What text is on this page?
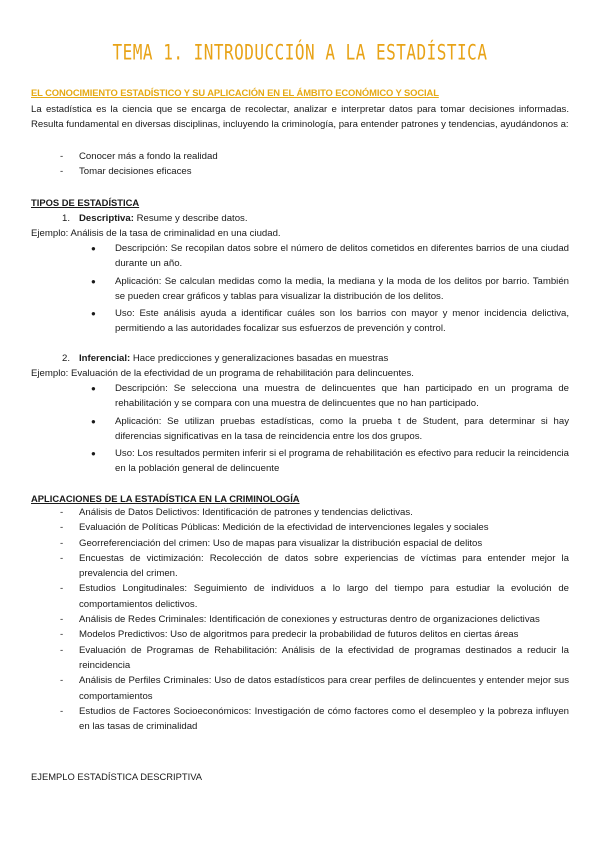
TEMA 1. INTRODUCCIÓN A LA ESTADÍSTICA
EL CONOCIMIENTO ESTADÍSTICO Y SU APLICACIÓN EN EL ÁMBITO ECONÓMICO Y SOCIAL
La estadística es la ciencia que se encarga de recolectar, analizar e interpretar datos para tomar decisiones informadas. Resulta fundamental en diversas disciplinas, incluyendo la criminología, para entender patrones y tendencias, ayudándonos a:
- Conocer más a fondo la realidad
- Tomar decisiones eficaces
TIPOS DE ESTADÍSTICA
1. Descriptiva: Resume y describe datos.
Ejemplo: Análisis de la tasa de criminalidad en una ciudad.
● Descripción: Se recopilan datos sobre el número de delitos cometidos en diferentes barrios de una ciudad durante un año.
● Aplicación: Se calculan medidas como la media, la mediana y la moda de los delitos por barrio. También se pueden crear gráficos y tablas para visualizar la distribución de los delitos.
● Uso: Este análisis ayuda a identificar cuáles son los barrios con mayor y menor incidencia delictiva, permitiendo a las autoridades focalizar sus esfuerzos de prevención y control.
2. Inferencial: Hace predicciones y generalizaciones basadas en muestras
Ejemplo: Evaluación de la efectividad de un programa de rehabilitación para delincuentes.
● Descripción: Se selecciona una muestra de delincuentes que han participado en un programa de rehabilitación y se compara con una muestra de delincuentes que no han participado.
● Aplicación: Se utilizan pruebas estadísticas, como la prueba t de Student, para determinar si hay diferencias significativas en la tasa de reincidencia entre los dos grupos.
● Uso: Los resultados permiten inferir si el programa de rehabilitación es efectivo para reducir la reincidencia en la población general de delincuente
APLICACIONES DE LA ESTADÍSTICA EN LA CRIMINOLOGÍA
- Análisis de Datos Delictivos: Identificación de patrones y tendencias delictivas.
- Evaluación de Políticas Públicas: Medición de la efectividad de intervenciones legales y sociales
- Georreferenciación del crimen: Uso de mapas para visualizar la distribución espacial de delitos
- Encuestas de victimización: Recolección de datos sobre experiencias de víctimas para entender mejor la prevalencia del crimen.
- Estudios Longitudinales: Seguimiento de individuos a lo largo del tiempo para estudiar la evolución de comportamientos delictivos.
- Análisis de Redes Criminales: Identificación de conexiones y estructuras dentro de organizaciones delictivas
- Modelos Predictivos: Uso de algoritmos para predecir la probabilidad de futuros delitos en ciertas áreas
- Evaluación de Programas de Rehabilitación: Análisis de la efectividad de programas destinados a reducir la reincidencia
- Análisis de Perfiles Criminales: Uso de datos estadísticos para crear perfiles de delincuentes y entender mejor sus comportamientos
- Estudios de Factores Socioeconómicos: Investigación de cómo factores como el desempleo y la pobreza influyen en las tasas de criminalidad
EJEMPLO ESTADÍSTICA DESCRIPTIVA
